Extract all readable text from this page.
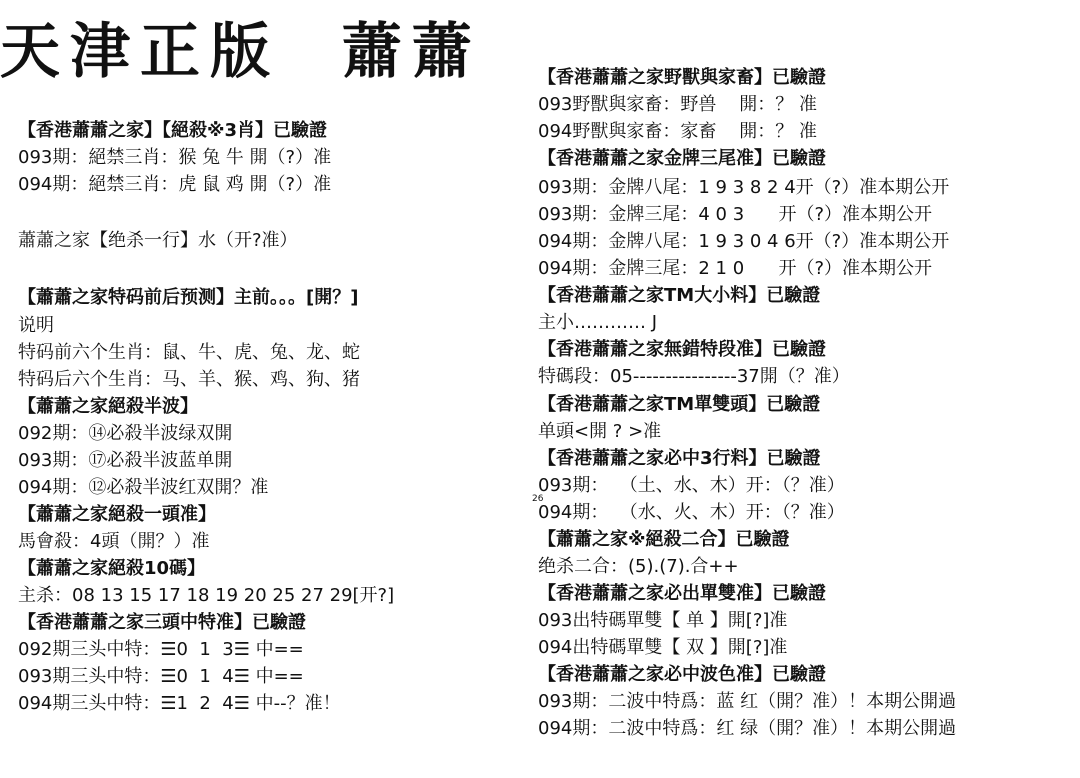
天津正版  蕭蕭
【香港蕭蕭之家】【絕殺※3肖】已驗證
093期：絕禁三肖：猴 兔 牛 開（?）准
094期：絕禁三肖：虎 鼠 鸡 開（?）准
蕭蕭之家【绝杀一行】水（开?准）
【蕭蕭之家特码前后预测】主前。。。[開？]
说明
特码前六个生肖：鼠、牛、虎、兔、龙、蛇
特码后六个生肖：马、羊、猴、鸡、狗、猪
【蕭蕭之家絕殺半波】
092期：⑭必殺半波绿双開
093期：⑰必殺半波蓝单開
094期：⑫必殺半波红双開？准
【蕭蕭之家絕殺一頭准】
馬會殺：4頭（開？）准
【蕭蕭之家絕殺10碼】
主杀：08 13 15 17 18 19 20 25 27 29[开?]
【香港蕭蕭之家三頭中特准】已驗證
092期三头中特：☰0  1  3☰ 中==
093期三头中特：☰0  1  4☰ 中==
094期三头中特：☰1  2  4☰ 中--？准！
【香港蕭蕭之家野獸與家畜】已驗證
093野獸與家畜：野兽    開：？ 准
094野獸與家畜：家畜    開：？ 准
【香港蕭蕭之家金牌三尾准】已驗證
093期：金牌八尾：1 9 3 8 2 4开（?）准本期公开
093期：金牌三尾：4 0 3      开（?）准本期公开
094期：金牌八尾：1 9 3 0 4 6开（?）准本期公开
094期：金牌三尾：2 1 0      开（?）准本期公开
【香港蕭蕭之家TM大小料】已驗證
主小………… J
【香港蕭蕭之家無錯特段准】已驗證
特碼段：05----------------37開（？准）
【香港蕭蕭之家TM單雙頭】已驗證
单頭<開 ? >准
【香港蕭蕭之家必中3行料】已驗證
093期：  （土、水、木）开：（？准）
094期：  （水、火、木）开：（？准）
【蕭蕭之家※絕殺二合】已驗證
绝杀二合：(5).(7).合++
【香港蕭蕭之家必出單雙准】已驗證
093出特碼單雙【 单 】開[?]准
094出特碼單雙【 双 】開[?]准
【香港蕭蕭之家必中波色准】已驗證
093期：二波中特爲：蓝 红（開？准）！本期公開過
094期：二波中特爲：红 绿（開？准）！本期公開過
26
